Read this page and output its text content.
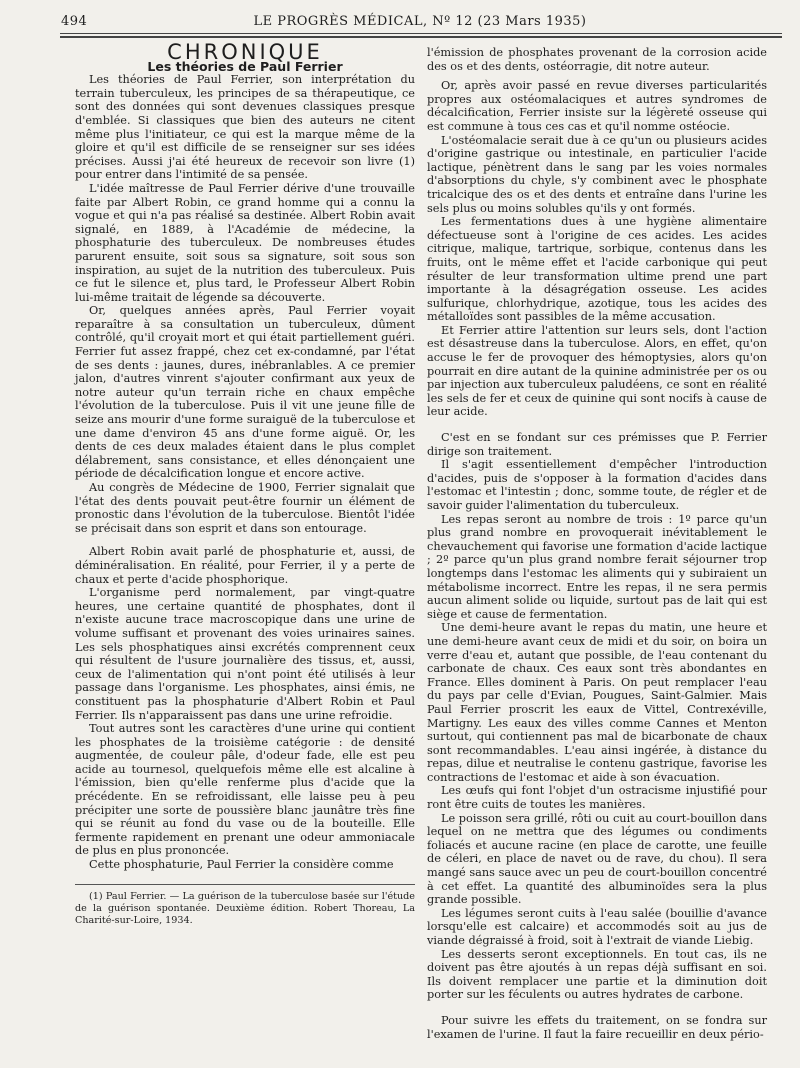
494	LE PROGRÈS MÉDICAL, Nº 12 (23 Mars 1935)

CHRONIQUE

Les théories de Paul Ferrier

Les théories de Paul Ferrier, son interprétation du terrain tuberculeux, les principes de sa thérapeutique, ce sont des données qui sont devenues classiques presque d'emblée. Si classiques que bien des auteurs ne citent même plus l'initiateur, ce qui est la marque même de la gloire et qu'il est difficile de se renseigner sur ses idées précises. Aussi j'ai été heureux de recevoir son livre (1) pour entrer dans l'intimité de sa pensée.

L'idée maîtresse de Paul Ferrier dérive d'une trouvaille faite par Albert Robin, ce grand homme qui a connu la vogue et qui n'a pas réalisé sa destinée. Albert Robin avait signalé, en 1889, à l'Académie de médecine, la phosphaturie des tuberculeux. De nombreuses études parurent ensuite, soit sous sa signature, soit sous son inspiration, au sujet de la nutrition des tuberculeux. Puis ce fut le silence et, plus tard, le Professeur Albert Robin lui-même traitait de légende sa découverte.

Or, quelques années après, Paul Ferrier voyait reparaître à sa consultation un tuberculeux, dûment contrôlé, qu'il croyait mort et qui était partiellement guéri. Ferrier fut assez frappé, chez cet ex-condamné, par l'état de ses dents : jaunes, dures, inébranlables. A ce premier jalon, d'autres vinrent s'ajouter confirmant aux yeux de notre auteur qu'un terrain riche en chaux empêche l'évolution de la tuberculose. Puis il vit une jeune fille de seize ans mourir d'une forme suraiguë de la tuberculose et une dame d'environ 45 ans d'une forme aiguë. Or, les dents de ces deux malades étaient dans le plus complet délabrement, sans consistance, et elles dénonçaient une période de décalcification longue et encore active.

Au congrès de Médecine de 1900, Ferrier signalait que l'état des dents pouvait peut-être fournir un élément de pronostic dans l'évolution de la tuberculose. Bientôt l'idée se précisait dans son esprit et dans son entourage.

Albert Robin avait parlé de phosphaturie et, aussi, de déminéralisation. En réalité, pour Ferrier, il y a perte de chaux et perte d'acide phosphorique.

L'organisme perd normalement, par vingt-quatre heures, une certaine quantité de phosphates, dont il n'existe aucune trace macroscopique dans une urine de volume suffisant et provenant des voies urinaires saines. Les sels phosphatiques ainsi excrétés comprennent ceux qui résultent de l'usure journalière des tissus, et, aussi, ceux de l'alimentation qui n'ont point été utilisés à leur passage dans l'organisme. Les phosphates, ainsi émis, ne constituent pas la phosphaturie d'Albert Robin et Paul Ferrier. Ils n'apparaissent pas dans une urine refroidie.

Tout autres sont les caractères d'une urine qui contient les phosphates de la troisième catégorie : de densité augmentée, de couleur pâle, d'odeur fade, elle est peu acide au tournesol, quelquefois même elle est alcaline à l'émission, bien qu'elle renferme plus d'acide que la précédente. En se refroidissant, elle laisse peu à peu précipiter une sorte de poussière blanc jaunâtre très fine qui se réunit au fond du vase ou de la bouteille. Elle fermente rapidement en prenant une odeur ammoniacale de plus en plus prononcée.

Cette phosphaturie, Paul Ferrier la considère comme

(1) Paul Ferrier. — La guérison de la tuberculose basée sur l'étude de la guérison spontanée. Deuxième édition. Robert Thoreau, La Charité-sur-Loire, 1934.

l'émission de phosphates provenant de la corrosion acide des os et des dents, ostéorragie, dit notre auteur.

Or, après avoir passé en revue diverses particularités propres aux ostéomalaciques et autres syndromes de décalcification, Ferrier insiste sur la légèreté osseuse qui est commune à tous ces cas et qu'il nomme ostéocie.

L'ostéomalacie serait due à ce qu'un ou plusieurs acides d'origine gastrique ou intestinale, en particulier l'acide lactique, pénètrent dans le sang par les voies normales d'absorptions du chyle, s'y combinent avec le phosphate tricalcique des os et des dents et entraîne dans l'urine les sels plus ou moins solubles qu'ils y ont formés.

Les fermentations dues à une hygiène alimentaire défectueuse sont à l'origine de ces acides. Les acides citrique, malique, tartrique, sorbique, contenus dans les fruits, ont le même effet et l'acide carbonique qui peut résulter de leur transformation ultime prend une part importante à la désagrégation osseuse. Les acides sulfurique, chlorhydrique, azotique, tous les acides des métalloïdes sont passibles de la même accusation.

Et Ferrier attire l'attention sur leurs sels, dont l'action est désastreuse dans la tuberculose. Alors, en effet, qu'on accuse le fer de provoquer des hémoptysies, alors qu'on pourrait en dire autant de la quinine administrée per os ou par injection aux tuberculeux paludéens, ce sont en réalité les sels de fer et ceux de quinine qui sont nocifs à cause de leur acide.

C'est en se fondant sur ces prémisses que P. Ferrier dirige son traitement.

Il s'agit essentiellement d'empêcher l'introduction d'acides, puis de s'opposer à la formation d'acides dans l'estomac et l'intestin ; donc, somme toute, de régler et de savoir guider l'alimentation du tuberculeux.

Les repas seront au nombre de trois : 1º parce qu'un plus grand nombre en provoquerait inévitablement le chevauchement qui favorise une formation d'acide lactique ; 2º parce qu'un plus grand nombre ferait séjourner trop longtemps dans l'estomac les aliments qui y subiraient un métabolisme incorrect. Entre les repas, il ne sera permis aucun aliment solide ou liquide, surtout pas de lait qui est siège et cause de fermentation.

Une demi-heure avant le repas du matin, une heure et une demi-heure avant ceux de midi et du soir, on boira un verre d'eau et, autant que possible, de l'eau contenant du carbonate de chaux. Ces eaux sont très abondantes en France. Elles dominent à Paris. On peut remplacer l'eau du pays par celle d'Evian, Pougues, Saint-Galmier. Mais Paul Ferrier proscrit les eaux de Vittel, Contrexéville, Martigny. Les eaux des villes comme Cannes et Menton surtout, qui contiennent pas mal de bicarbonate de chaux sont recommandables. L'eau ainsi ingérée, à distance du repas, dilue et neutralise le contenu gastrique, favorise les contractions de l'estomac et aide à son évacuation.

Les œufs qui font l'objet d'un ostracisme injustifié pour ront être cuits de toutes les manières.

Le poisson sera grillé, rôti ou cuit au court-bouillon dans lequel on ne mettra que des légumes ou condiments foliacés et aucune racine (en place de carotte, une feuille de céleri, en place de navet ou de rave, du chou). Il sera mangé sans sauce avec un peu de court-bouillon concentré à cet effet. La quantité des albuminoïdes sera la plus grande possible.

Les légumes seront cuits à l'eau salée (bouillie d'avance lorsqu'elle est calcaire) et accommodés soit au jus de viande dégraissé à froid, soit à l'extrait de viande Liebig.

Les desserts seront exceptionnels. En tout cas, ils ne doivent pas être ajoutés à un repas déjà suffisant en soi. Ils doivent remplacer une partie et la diminution doit porter sur les féculents ou autres hydrates de carbone.

Pour suivre les effets du traitement, on se fondra sur l'examen de l'urine. Il faut la faire recueillir en deux pério-
